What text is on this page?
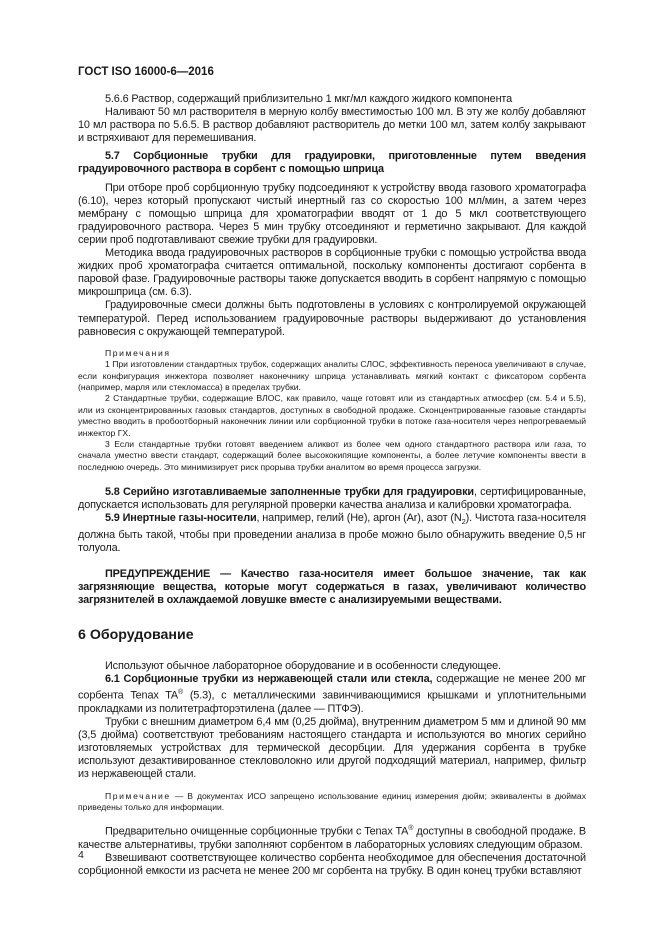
ГОСТ ISO 16000-6—2016

5.6.6 Раствор, содержащий приблизительно 1 мкг/мл каждого жидкого компонента

Наливают 50 мл растворителя в мерную колбу вместимостью 100 мл. В эту же колбу добавляют 10 мл раствора по 5.6.5. В раствор добавляют растворитель до метки 100 мл, затем колбу закрывают и встряхивают для перемешивания.

5.7 Сорбционные трубки для градуировки, приготовленные путем введения градуировочного раствора в сорбент с помощью шприца

При отборе проб сорбционную трубку подсоединяют к устройству ввода газового хроматографа (6.10), через который пропускают чистый инертный газ со скоростью 100 мл/мин, а затем через мембрану с помощью шприца для хроматографии вводят от 1 до 5 мкл соответствующего градуировочного раствора. Через 5 мин трубку отсоединяют и герметично закрывают. Для каждой серии проб подготавливают свежие трубки для градуировки.

Методика ввода градуировочных растворов в сорбционные трубки с помощью устройства ввода жидких проб хроматографа считается оптимальной, поскольку компоненты достигают сорбента в паровой фазе. Градуировочные растворы также допускается вводить в сорбент напрямую с помощью микрошприца (см. 6.3).

Градуировочные смеси должны быть подготовлены в условиях с контролируемой окружающей температурой. Перед использованием градуировочные растворы выдерживают до установления равновесия с окружающей температурой.

Примечания

1 При изготовлении стандартных трубок, содержащих аналиты СЛОС, эффективность переноса увеличивают в случае, если конфигурация инжектора позволяет наконечнику шприца устанавливать мягкий контакт с фиксатором сорбента (например, марля или стекломасса) в пределах трубки.

2 Стандартные трубки, содержащие ВЛОС, как правило, чаще готовят или из стандартных атмосфер (см. 5.4 и 5.5), или из сконцентрированных газовых стандартов, доступных в свободной продаже. Сконцентрированные газовые стандарты уместно вводить в пробоотборный наконечник линии или сорбционной трубки в потоке газа-носителя через непрогреваемый инжектор ГХ.

3 Если стандартные трубки готовят введением аликвот из более чем одного стандартного раствора или газа, то сначала уместно ввести стандарт, содержащий более высококипящие компоненты, а более летучие компоненты ввести в последнюю очередь. Это минимизирует риск прорыва трубки аналитом во время процесса загрузки.

5.8 Серийно изготавливаемые заполненные трубки для градуировки, сертифицированные, допускается использовать для регулярной проверки качества анализа и калибровки хроматографа.

5.9 Инертные газы-носители, например, гелий (He), аргон (Ar), азот $(N_2)$. Чистота газа-носителя должна быть такой, чтобы при проведении анализа в пробе можно было обнаружить введение 0,5 нг толуола.

ПРЕДУПРЕЖДЕНИЕ — Качество газа-носителя имеет большое значение, так как загрязняющие вещества, которые могут содержаться в газах, увеличивают количество загрязнителей в охлаждаемой ловушке вместе с анализируемыми веществами.

6 Оборудование

Используют обычное лабораторное оборудование и в особенности следующее.

6.1 Сорбционные трубки из нержавеющей стали или стекла, содержащие не менее 200 мг сорбента Tenax TA® (5.3), с металлическими завинчивающимися крышками и уплотнительными прокладками из политетрафторэтилена (далее — ПТФЭ).

Трубки с внешним диаметром 6,4 мм (0,25 дюйма), внутренним диаметром 5 мм и длиной 90 мм (3,5 дюйма) соответствуют требованиям настоящего стандарта и используются во многих серийно изготовляемых устройствах для термической десорбции. Для удержания сорбента в трубке используют дезактивированное стекловолокно или другой подходящий материал, например, фильтр из нержавеющей стали.

Примечание — В документах ИСО запрещено использование единиц измерения дюйм; эквиваленты в дюймах приведены только для информации.

Предварительно очищенные сорбционные трубки с Tenax TA® доступны в свободной продаже. В качестве альтернативы, трубки заполняют сорбентом в лабораторных условиях следующим образом.

Взвешивают соответствующее количество сорбента необходимое для обеспечения достаточной сорбционной емкости из расчета не менее 200 мг сорбента на трубку. В один конец трубки вставляют

4
